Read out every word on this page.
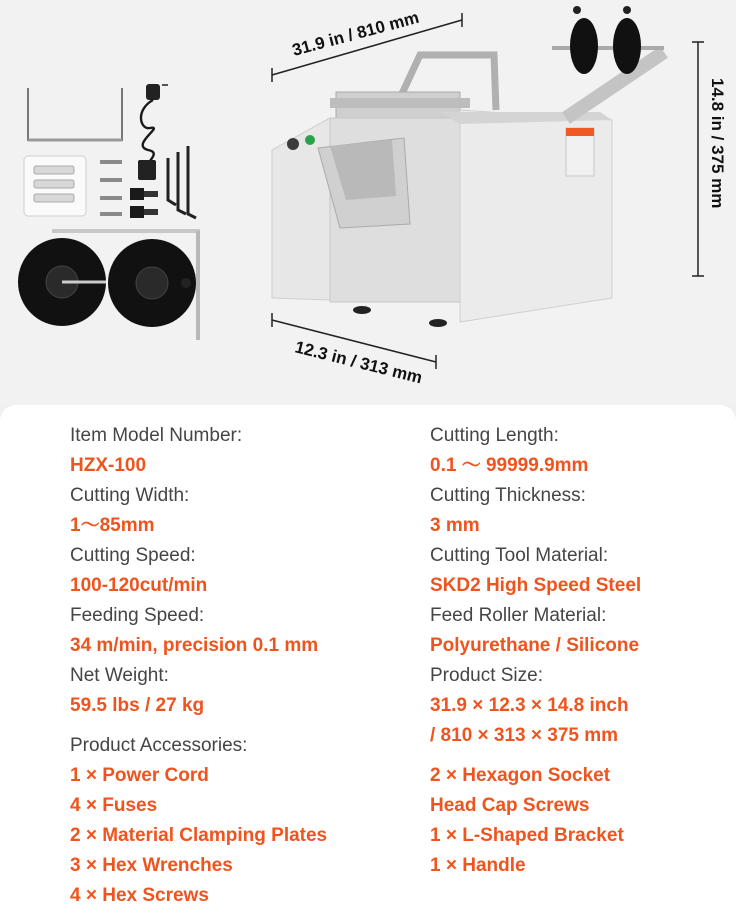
31.9 in / 810 mm
12.3 in / 313 mm
14.8 in / 375 mm
Item Model Number:
HZX-100
Cutting Width:
1～85mm
Cutting Speed:
100-120cut/min
Feeding Speed:
34 m/min, precision 0.1 mm
Net Weight:
59.5 lbs / 27 kg
Cutting Length:
0.1 ～ 99999.9mm
Cutting Thickness:
3 mm
Cutting Tool Material:
SKD2 High Speed Steel
Feed Roller Material:
Polyurethane / Silicone
Product Size:
31.9 × 12.3 × 14.8 inch
/ 810 × 313 × 375 mm
Product Accessories:
1 × Power Cord
4 × Fuses
2 × Material Clamping Plates
3 × Hex Wrenches
4 × Hex Screws
2 × Hexagon Socket
Head Cap Screws
1 × L-Shaped Bracket
1 × Handle
